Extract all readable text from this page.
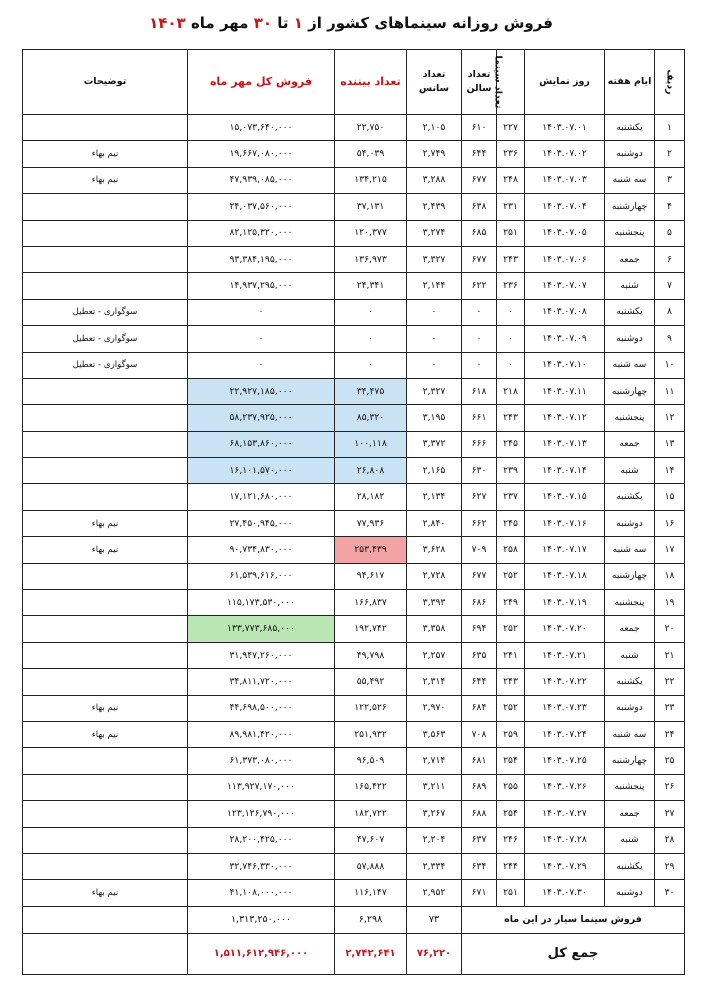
فروش روزانه سینماهای کشور از ۱ تا ۳۰ مهر ماه ۱۴۰۳
ردیف	ایام هفته	روز نمایش	تعداد سینما	تعداد سالن	تعداد سانس	تعداد بیننده	فروش کل مهر ماه	توضیحات
۱	یکشنبه	۱۴۰۳.۰۷.۰۱	۲۲۷	۶۱۰	۲,۱۰۵	۲۲,۷۵۰	۱۵,۰۷۳,۶۴۰,۰۰۰	
۲	دوشنبه	۱۴۰۳.۰۷.۰۲	۲۳۶	۶۴۴	۲,۷۴۹	۵۴,۰۳۹	۱۹,۶۶۷,۰۸۰,۰۰۰	نیم بهاء
۳	سه شنبه	۱۴۰۳.۰۷.۰۳	۲۴۸	۶۷۷	۳,۲۸۸	۱۳۴,۲۱۵	۴۷,۹۳۹,۰۸۵,۰۰۰	نیم بهاء
۴	چهارشنبه	۱۴۰۳.۰۷.۰۴	۲۳۱	۶۳۸	۲,۴۳۹	۳۷,۱۳۱	۲۴,۰۳۷,۵۶۰,۰۰۰	
۵	پنجشنبه	۱۴۰۳.۰۷.۰۵	۲۵۱	۶۸۵	۳,۲۷۴	۱۲۰,۳۷۷	۸۲,۱۲۵,۳۲۰,۰۰۰	
۶	جمعه	۱۴۰۳.۰۷.۰۶	۲۴۳	۶۷۷	۳,۳۲۷	۱۳۶,۹۷۳	۹۳,۳۸۴,۱۹۵,۰۰۰	
۷	شنبه	۱۴۰۳.۰۷.۰۷	۲۳۶	۶۲۲	۲,۱۴۴	۲۴,۳۴۱	۱۴,۹۳۷,۲۹۵,۰۰۰	
۸	یکشنبه	۱۴۰۳.۰۷.۰۸	۰	۰	۰	۰	۰	سوگواری - تعطیل
۹	دوشنبه	۱۴۰۳.۰۷.۰۹	۰	۰	۰	۰	۰	سوگواری - تعطیل
۱۰	سه شنبه	۱۴۰۳.۰۷.۱۰	۰	۰	۰	۰	۰	سوگواری - تعطیل
۱۱	چهارشنبه	۱۴۰۳.۰۷.۱۱	۲۱۸	۶۱۸	۲,۳۲۷	۳۴,۴۷۵	۲۲,۹۲۷,۱۸۵,۰۰۰	
۱۲	پنجشنبه	۱۴۰۳.۰۷.۱۲	۲۴۳	۶۶۱	۳,۱۹۵	۸۵,۳۲۰	۵۸,۲۳۷,۹۲۵,۰۰۰	
۱۳	جمعه	۱۴۰۳.۰۷.۱۳	۲۴۵	۶۶۶	۳,۳۷۲	۱۰۰,۱۱۸	۶۸,۱۵۳,۸۶۰,۰۰۰	
۱۴	شنبه	۱۴۰۳.۰۷.۱۴	۲۳۹	۶۳۰	۲,۱۶۵	۲۶,۸۰۸	۱۶,۱۰۱,۵۷۰,۰۰۰	
۱۵	یکشنبه	۱۴۰۳.۰۷.۱۵	۲۳۷	۶۲۷	۲,۱۳۴	۲۸,۱۸۲	۱۷,۱۲۱,۶۸۰,۰۰۰	
۱۶	دوشنبه	۱۴۰۳.۰۷.۱۶	۲۴۵	۶۶۲	۲,۸۴۰	۷۷,۹۳۶	۲۷,۴۵۰,۹۴۵,۰۰۰	نیم بهاء
۱۷	سه شنبه	۱۴۰۳.۰۷.۱۷	۲۵۸	۷۰۹	۳,۶۲۸	۲۵۳,۴۳۹	۹۰,۷۳۴,۸۳۰,۰۰۰	نیم بهاء
۱۸	چهارشنبه	۱۴۰۳.۰۷.۱۸	۲۵۲	۶۷۷	۲,۷۲۸	۹۴,۶۱۷	۶۱,۵۳۹,۶۱۶,۰۰۰	
۱۹	پنجشنبه	۱۴۰۳.۰۷.۱۹	۲۴۹	۶۸۶	۳,۳۹۳	۱۶۶,۸۳۷	۱۱۵,۱۷۳,۵۳۰,۰۰۰	
۲۰	جمعه	۱۴۰۳.۰۷.۲۰	۲۵۲	۶۹۴	۳,۳۵۸	۱۹۲,۷۴۲	۱۳۳,۷۷۳,۶۸۵,۰۰۰	
۲۱	شنبه	۱۴۰۳.۰۷.۲۱	۲۴۱	۶۳۵	۲,۲۵۷	۴۹,۷۹۸	۳۱,۹۴۷,۲۶۰,۰۰۰	
۲۲	یکشنبه	۱۴۰۳.۰۷.۲۲	۲۴۳	۶۴۴	۲,۳۱۴	۵۵,۴۹۲	۳۴,۸۱۱,۷۲۰,۰۰۰	
۲۳	دوشنبه	۱۴۰۳.۰۷.۲۳	۲۵۲	۶۸۴	۲,۹۷۰	۱۲۲,۵۲۶	۴۴,۶۹۸,۵۰۰,۰۰۰	نیم بهاء
۲۴	سه شنبه	۱۴۰۳.۰۷.۲۴	۲۵۹	۷۰۸	۳,۵۶۳	۲۵۱,۹۳۲	۸۹,۹۸۱,۴۲۰,۰۰۰	نیم بهاء
۲۵	چهارشنبه	۱۴۰۳.۰۷.۲۵	۲۵۴	۶۸۱	۲,۷۱۴	۹۶,۵۰۹	۶۱,۳۷۳,۰۸۰,۰۰۰	
۲۶	پنجشنبه	۱۴۰۳.۰۷.۲۶	۲۵۵	۶۸۹	۳,۲۱۱	۱۶۵,۴۲۲	۱۱۳,۹۲۷,۱۷۰,۰۰۰	
۲۷	جمعه	۱۴۰۳.۰۷.۲۷	۲۵۴	۶۸۸	۳,۲۶۷	۱۸۲,۷۲۲	۱۲۳,۱۲۶,۷۹۰,۰۰۰	
۲۸	شنبه	۱۴۰۳.۰۷.۲۸	۲۴۶	۶۳۷	۲,۲۰۴	۴۷,۶۰۷	۲۸,۲۰۰,۴۲۵,۰۰۰	
۲۹	یکشنبه	۱۴۰۳.۰۷.۲۹	۲۴۴	۶۳۴	۲,۳۳۴	۵۷,۸۸۸	۳۲,۷۴۶,۳۳۰,۰۰۰	
۳۰	دوشنبه	۱۴۰۳.۰۷.۳۰	۲۵۱	۶۷۱	۲,۹۵۲	۱۱۶,۱۴۷	۴۱,۱۰۸,۰۰۰,۰۰۰	نیم بهاء
فروش سینما سیار در این ماه					۷۳	۶,۲۹۸	۱,۳۱۳,۲۵۰,۰۰۰	
جمع کل					۷۶,۲۲۰	۲,۷۴۲,۶۴۱	۱,۵۱۱,۶۱۲,۹۴۶,۰۰۰	
